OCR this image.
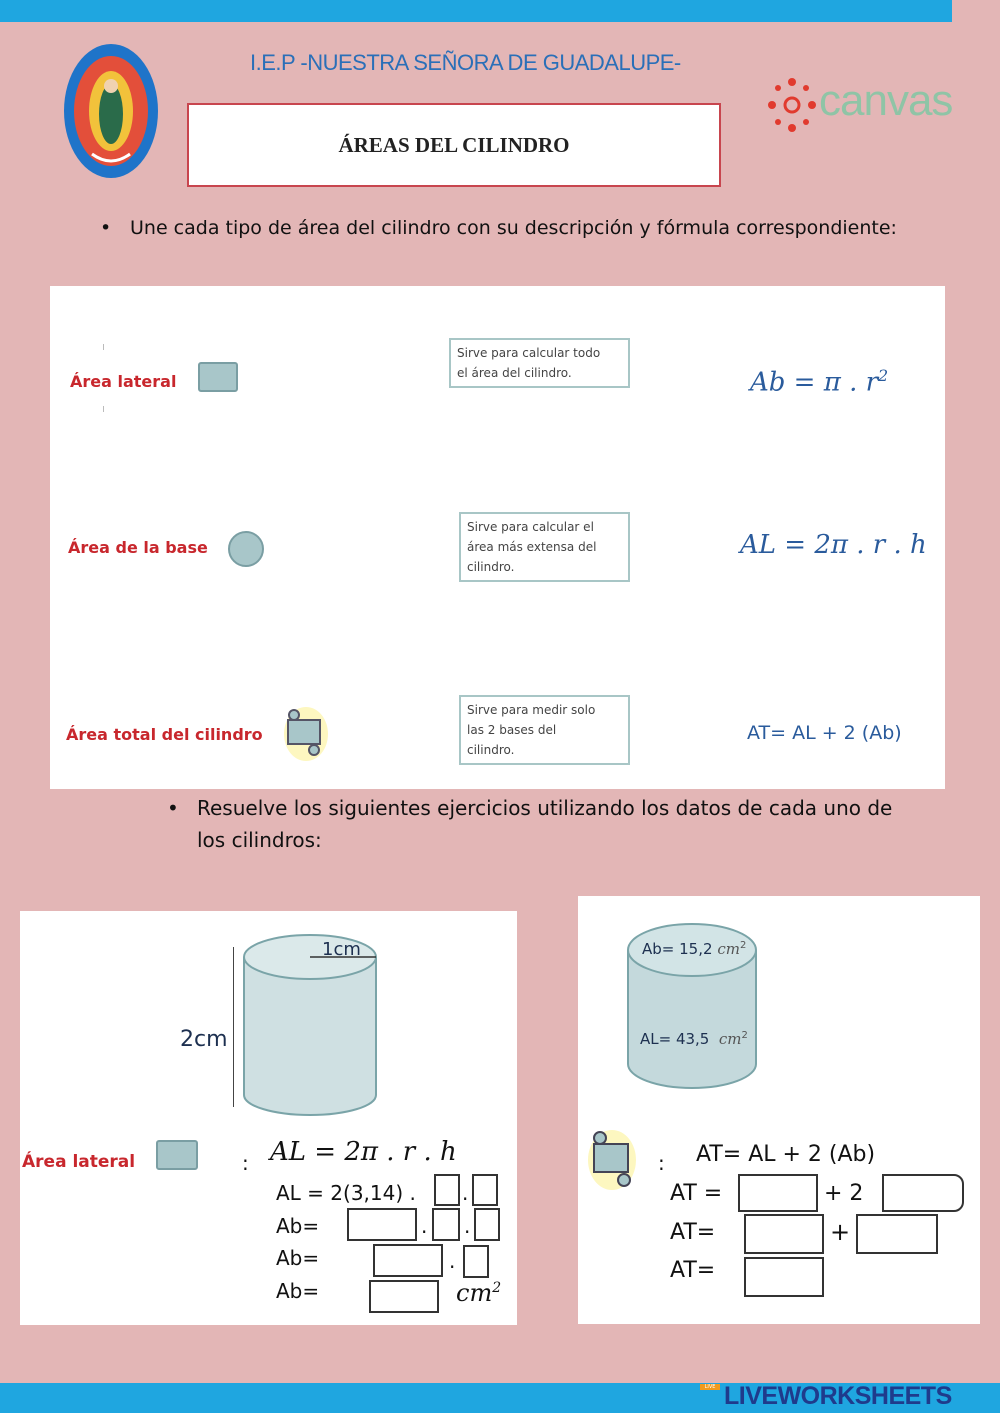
I.E.P -NUESTRA SEÑORA DE GUADALUPE-
ÁREAS DEL CILINDRO
canvas
• Une cada tipo de área del cilindro con su descripción y fórmula correspondiente:
Área lateral
Área de la base
Área total del cilindro
Sirve para calcular todo
el área del cilindro.
Sirve para calcular el
área más extensa del
cilindro.
Sirve para medir solo
las 2 bases del
cilindro.
Ab = π . $r^2$
AL = 2π . r . h
AT= AL + 2 (Ab)
• Resuelve los siguientes ejercicios utilizando los datos de cada uno de
los cilindros:
1cm
2cm
Área lateral	: AL = 2π . r . h
AL = 2(3,14) . .
Ab=	. .
Ab=	.
Ab=	$cm^2$
Ab= 15,2 $cm^2$
AL= 43,5 $cm^2$
: AT= AL + 2 (Ab)
AT =	+ 2
AT=	+
AT=
LIVE LIVEWORKSHEETS
